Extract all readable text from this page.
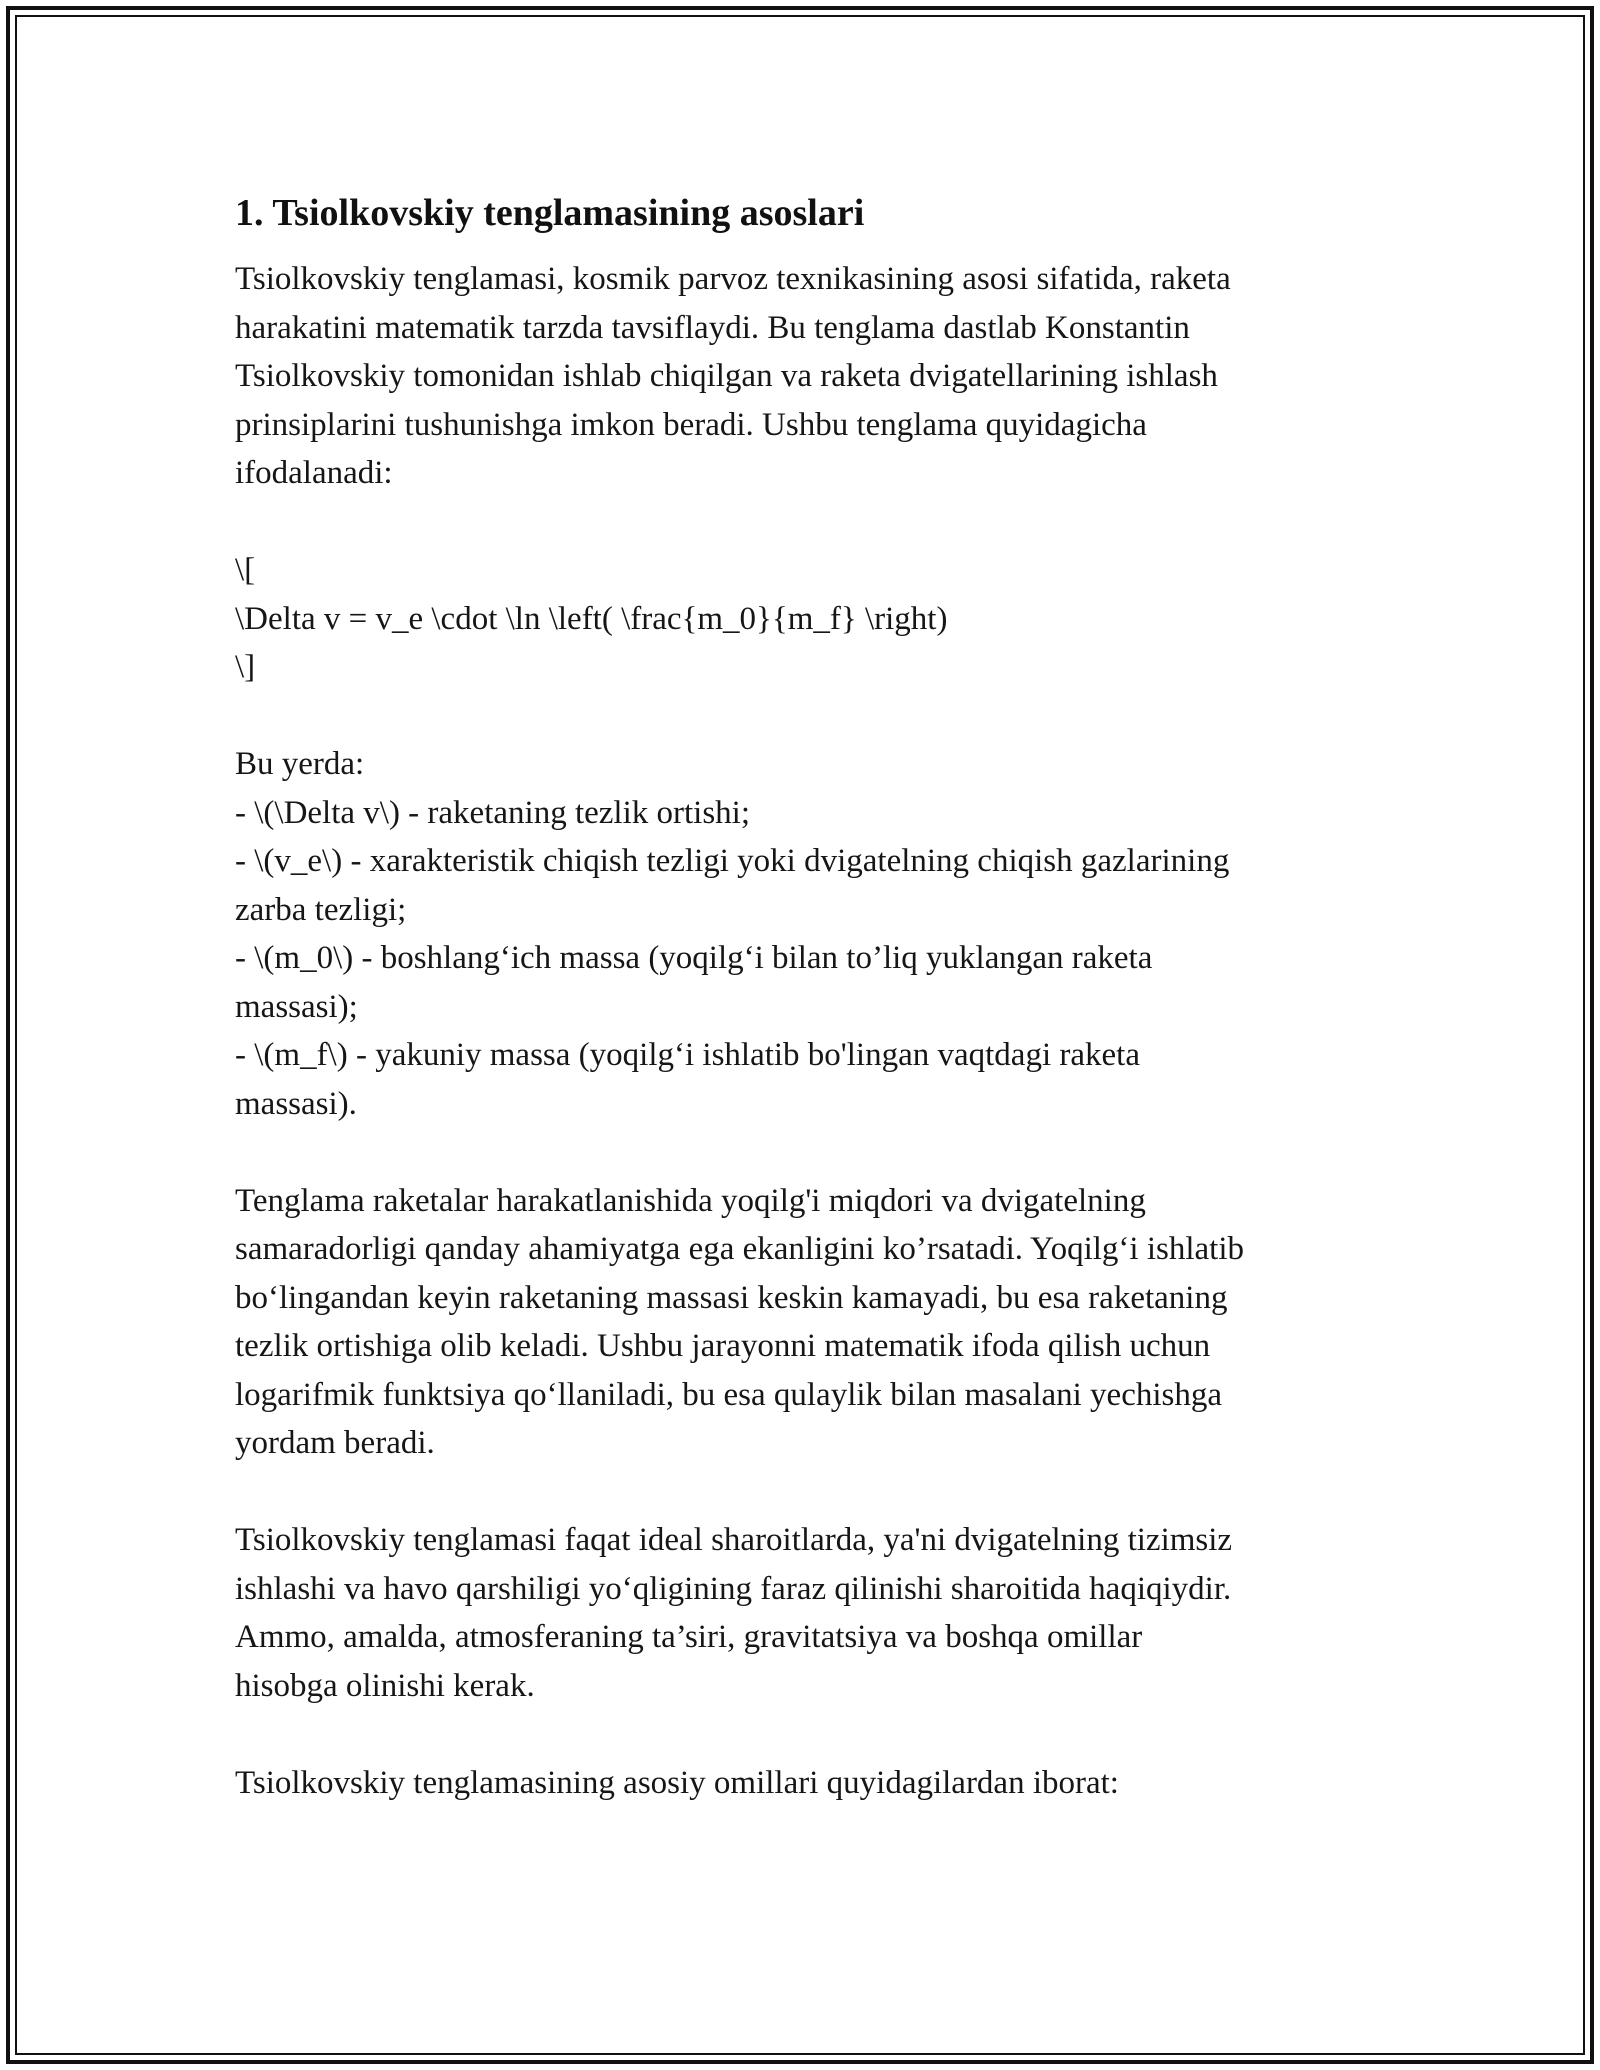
1. Tsiolkovskiy tenglamasining asoslari

Tsiolkovskiy tenglamasi, kosmik parvoz texnikasining asosi sifatida, raketa
harakatini matematik tarzda tavsiflaydi. Bu tenglama dastlab Konstantin
Tsiolkovskiy tomonidan ishlab chiqilgan va raketa dvigatellarining ishlash
prinsiplarini tushunishga imkon beradi. Ushbu tenglama quyidagicha
ifodalanadi:

\[
\Delta v = v_e \cdot \ln \left( \frac{m_0}{m_f} \right)
\]

Bu yerda:
- \(\Delta v\) - raketaning tezlik ortishi;
- \(v_e\) - xarakteristik chiqish tezligi yoki dvigatelning chiqish gazlarining
zarba tezligi;
- \(m_0\) - boshlang‘ich massa (yoqilg‘i bilan to’liq yuklangan raketa
massasi);
- \(m_f\) - yakuniy massa (yoqilg‘i ishlatib bo'lingan vaqtdagi raketa
massasi).

Tenglama raketalar harakatlanishida yoqilg'i miqdori va dvigatelning
samaradorligi qanday ahamiyatga ega ekanligini ko’rsatadi. Yoqilg‘i ishlatib
bo‘lingandan keyin raketaning massasi keskin kamayadi, bu esa raketaning
tezlik ortishiga olib keladi. Ushbu jarayonni matematik ifoda qilish uchun
logarifmik funktsiya qo‘llaniladi, bu esa qulaylik bilan masalani yechishga
yordam beradi.

Tsiolkovskiy tenglamasi faqat ideal sharoitlarda, ya'ni dvigatelning tizimsiz
ishlashi va havo qarshiligi yo‘qligining faraz qilinishi sharoitida haqiqiydir.
Ammo, amalda, atmosferaning ta’siri, gravitatsiya va boshqa omillar
hisobga olinishi kerak.

Tsiolkovskiy tenglamasining asosiy omillari quyidagilardan iborat:
